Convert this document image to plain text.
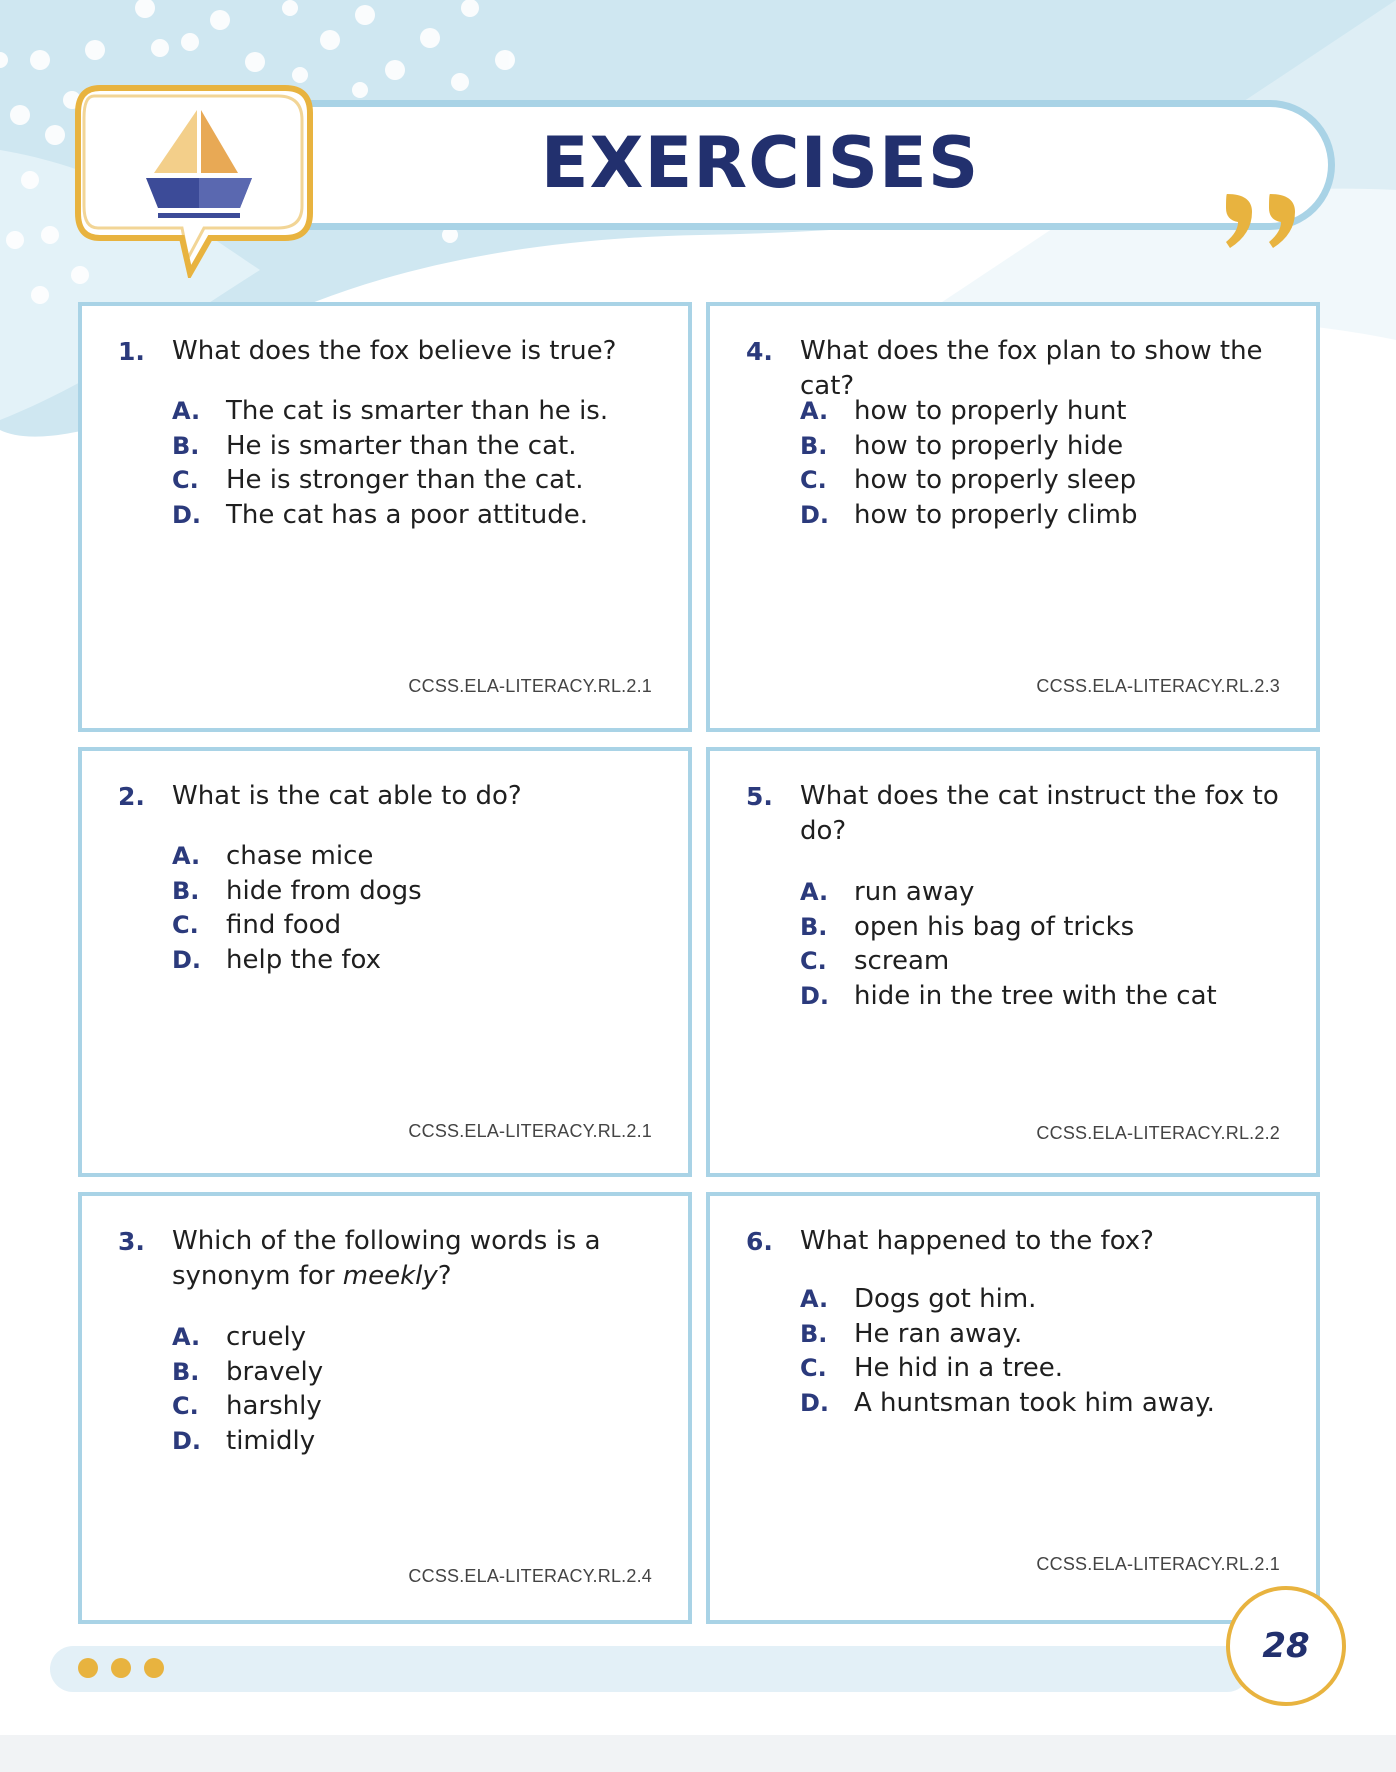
EXERCISES
1.	What does the fox believe is true?
A. The cat is smarter than he is.
B.	He is smarter than the cat.
C.	He is stronger than the cat.
D. The cat has a poor attitude.
CCSS.ELA-LITERACY.RL.2.1
2.	What is the cat able to do?
A. chase mice
B.	hide from dogs
C.	find food
D. help the fox
CCSS.ELA-LITERACY.RL.2.1
3.	Which of the following words is a synonym for meekly?
A. cruely
B.	bravely
C.	harshly
D. timidly
CCSS.ELA-LITERACY.RL.2.4
4.	What does the fox plan to show the cat?
A. how to properly hunt
B.	how to properly hide
C.	how to properly sleep
D. how to properly climb
CCSS.ELA-LITERACY.RL.2.3
5.	What does the cat instruct the fox to do?
A. run away
B.	open his bag of tricks
C.	scream
D. hide in the tree with the cat
CCSS.ELA-LITERACY.RL.2.2
6.	What happened to the fox?
A. Dogs got him.
B.	He ran away.
C.	He hid in a tree.
D. A huntsman took him away.
CCSS.ELA-LITERACY.RL.2.1
28
